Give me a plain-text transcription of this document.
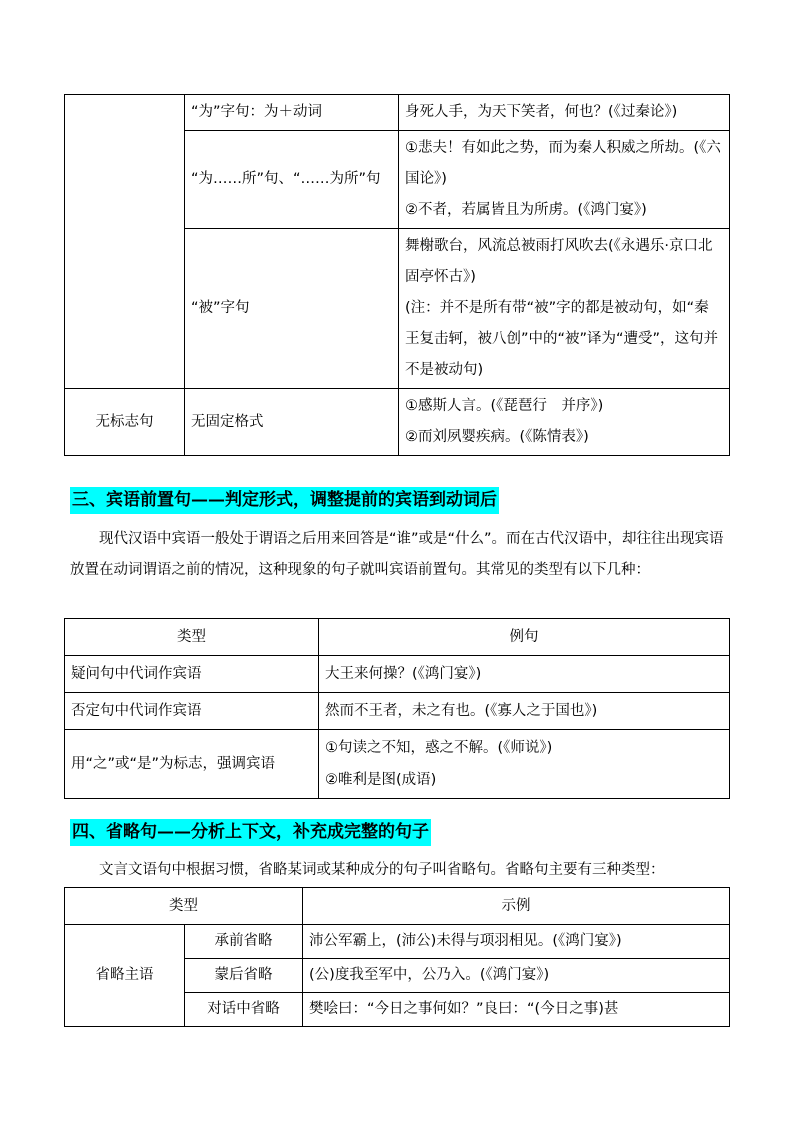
	“为”字句：为＋动词	身死人手，为天下笑者，何也？(《过秦论》)

	“为……所”句、“……为所”句	①悲夫！有如此之势，而为秦人积威之所劫。(《六国论》)
②不者，若属皆且为所虏。(《鸿门宴》)

	“被”字句	舞榭歌台，风流总被雨打风吹去(《永遇乐·京口北固亭怀古》)
(注：并不是所有带“被”字的都是被动句，如“秦王复击轲，被八创”中的“被”译为“遭受”，这句并不是被动句)

无标志句	无固定格式	①感斯人言。(《琵琶行　并序》)
②而刘夙婴疾病。(《陈情表》)
三、宾语前置句——判定形式，调整提前的宾语到动词后
现代汉语中宾语一般处于谓语之后用来回答是“谁”或是“什么”。而在古代汉语中，却往往出现宾语放置在动词谓语之前的情况，这种现象的句子就叫宾语前置句。其常见的类型有以下几种：
类型	例句
疑问句中代词作宾语	大王来何操？(《鸿门宴》)

否定句中代词作宾语	然而不王者，未之有也。(《寡人之于国也》)

用“之”或“是”为标志，强调宾语	①句读之不知，惑之不解。(《师说》)
②唯利是图(成语)
四、省略句——分析上下文，补充成完整的句子
文言文语句中根据习惯，省略某词或某种成分的句子叫省略句。省略句主要有三种类型：
类型		示例
省略主语	承前省略	沛公军霸上，(沛公)未得与项羽相见。(《鸿门宴》)
	蒙后省略	(公)度我至军中，公乃入。(《鸿门宴》)
	对话中省略	樊哙曰：“今日之事何如？”良曰：“(今日之事)甚
